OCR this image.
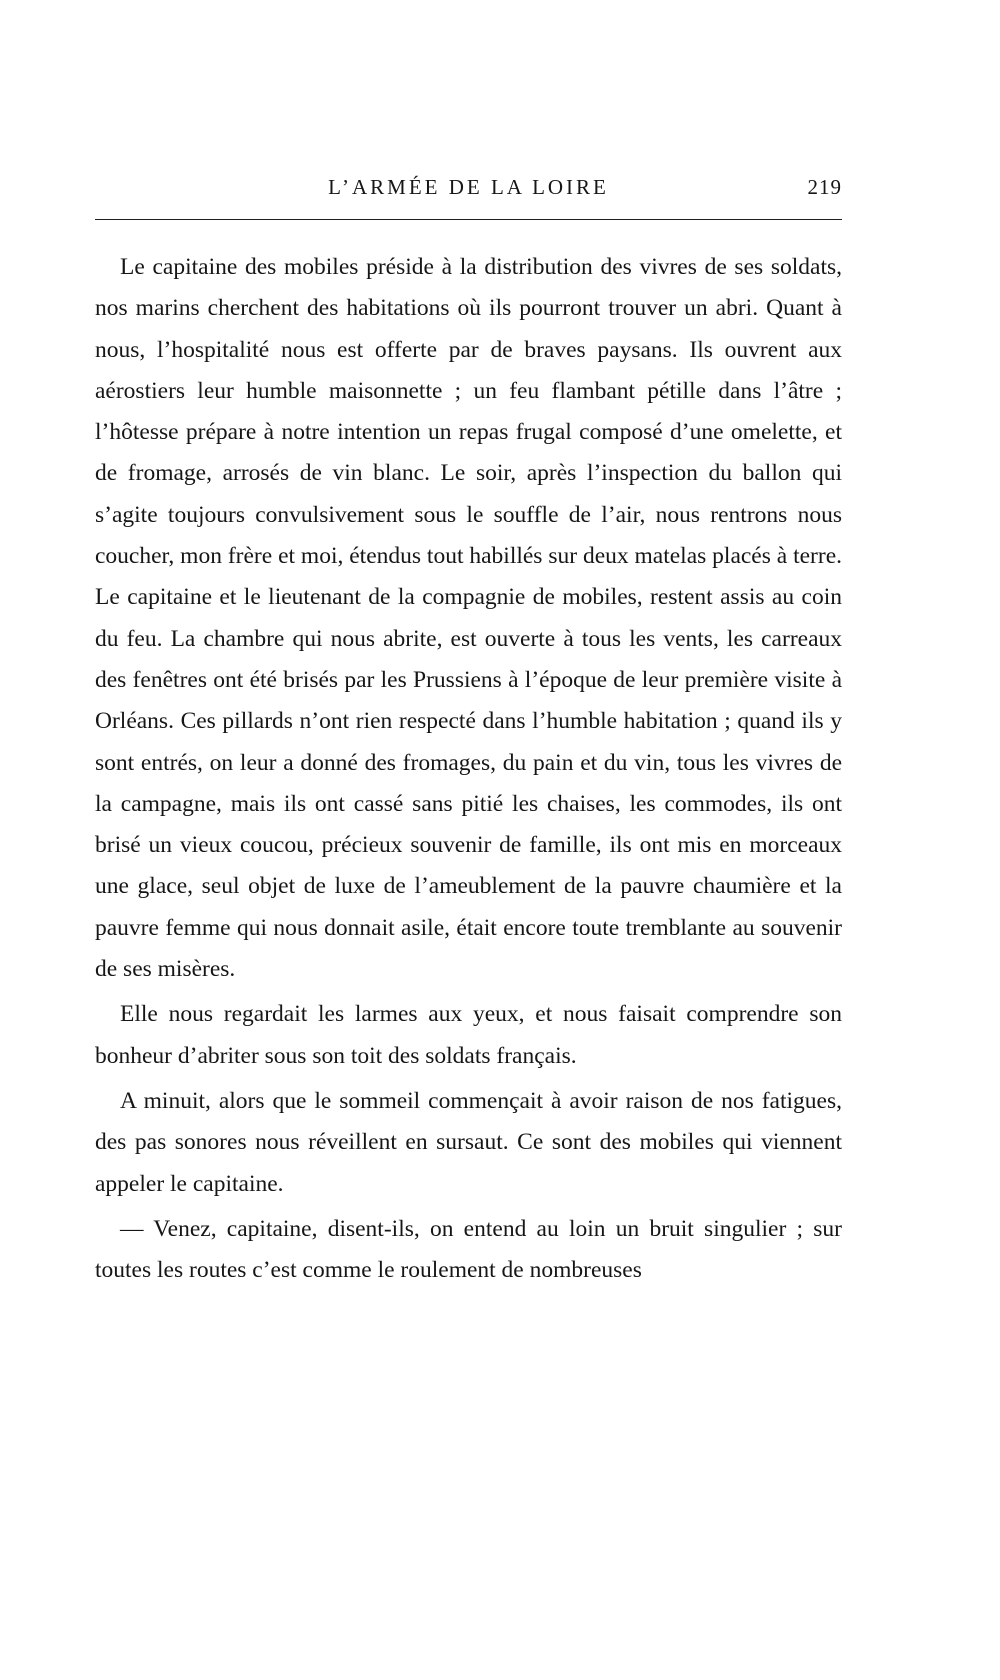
L’ARMÉE DE LA LOIRE	219

Le capitaine des mobiles préside à la distribution des vivres de ses soldats, nos marins cherchent des habitations où ils pourront trouver un abri. Quant à nous, l’hospitalité nous est offerte par de braves paysans. Ils ouvrent aux aérostiers leur humble maisonnette ; un feu flambant pétille dans l’âtre ; l’hôtesse prépare à notre intention un repas frugal composé d’une omelette, et de fromage, arrosés de vin blanc. Le soir, après l’inspection du ballon qui s’agite toujours convulsivement sous le souffle de l’air, nous rentrons nous coucher, mon frère et moi, étendus tout habillés sur deux matelas placés à terre. Le capitaine et le lieutenant de la compagnie de mobiles, restent assis au coin du feu. La chambre qui nous abrite, est ouverte à tous les vents, les carreaux des fenêtres ont été brisés par les Prussiens à l’époque de leur première visite à Orléans. Ces pillards n’ont rien respecté dans l’humble habitation ; quand ils y sont entrés, on leur a donné des fromages, du pain et du vin, tous les vivres de la campagne, mais ils ont cassé sans pitié les chaises, les commodes, ils ont brisé un vieux coucou, précieux souvenir de famille, ils ont mis en morceaux une glace, seul objet de luxe de l’ameublement de la pauvre chaumière et la pauvre femme qui nous donnait asile, était encore toute tremblante au souvenir de ses misères.

Elle nous regardait les larmes aux yeux, et nous faisait comprendre son bonheur d’abriter sous son toit des soldats français.

A minuit, alors que le sommeil commençait à avoir raison de nos fatigues, des pas sonores nous réveillent en sursaut. Ce sont des mobiles qui viennent appeler le capitaine.

— Venez, capitaine, disent-ils, on entend au loin un bruit singulier ; sur toutes les routes c’est comme le roulement de nombreuses
